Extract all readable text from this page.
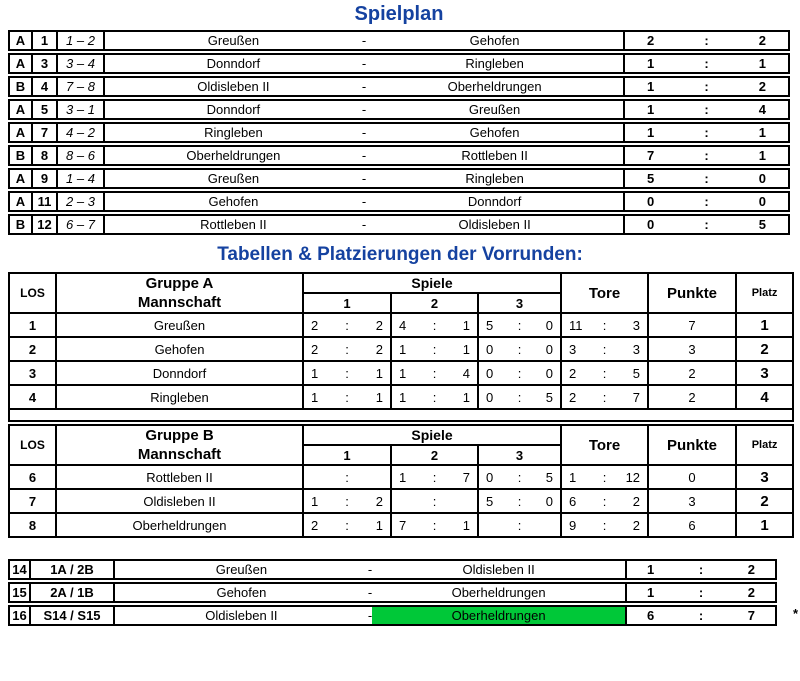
Spielplan
A	1	1 – 2	Greußen - Gehofen	2 : 2

A	3	3 – 4	Donndorf - Ringleben	1 : 1

B	4	7 – 8	Oldisleben II - Oberheldrungen	1 : 2

A	5	3 – 1	Donndorf - Greußen	1 : 4

A	7	4 – 2	Ringleben - Gehofen	1 : 1

B	8	8 – 6	Oberheldrungen - Rottleben II	7 : 1

A	9	1 – 4	Greußen - Ringleben	5 : 0

A	11	2 – 3	Gehofen - Donndorf	0 : 0

B	12	6 – 7	Rottleben II - Oldisleben II	0 : 5
Tabellen & Platzierungen der Vorrunden:
LOS	Gruppe A
Mannschaft	Spiele			Tore	Punkte	Platz
		1	2	3			
1	Greußen	2 : 2	4 : 1	5 : 0	11 : 3	7	1
2	Gehofen	2 : 2	1 : 1	0 : 0	3 : 3	3	2
3	Donndorf	1 : 1	1 : 4	0 : 0	2 : 5	2	3
4	Ringleben	1 : 1	1 : 1	0 : 5	2 : 7	2	4

LOS	Gruppe B
Mannschaft	Spiele			Tore	Punkte	Platz
		1	2	3			
6	Rottleben II	:	1 : 7	0 : 5	1 : 12	0	3
7	Oldisleben II	1 : 2	:	5 : 0	6 : 2	3	2
8	Oberheldrungen	2 : 1	7 : 1	:	9 : 2	6	1
14	1A / 2B	Greußen - Oldisleben II	1 : 2

15	2A / 1B	Gehofen - Oberheldrungen	1 : 2

16	S14 / S15	Oldisleben II - Oberheldrungen	6 : 7	*
